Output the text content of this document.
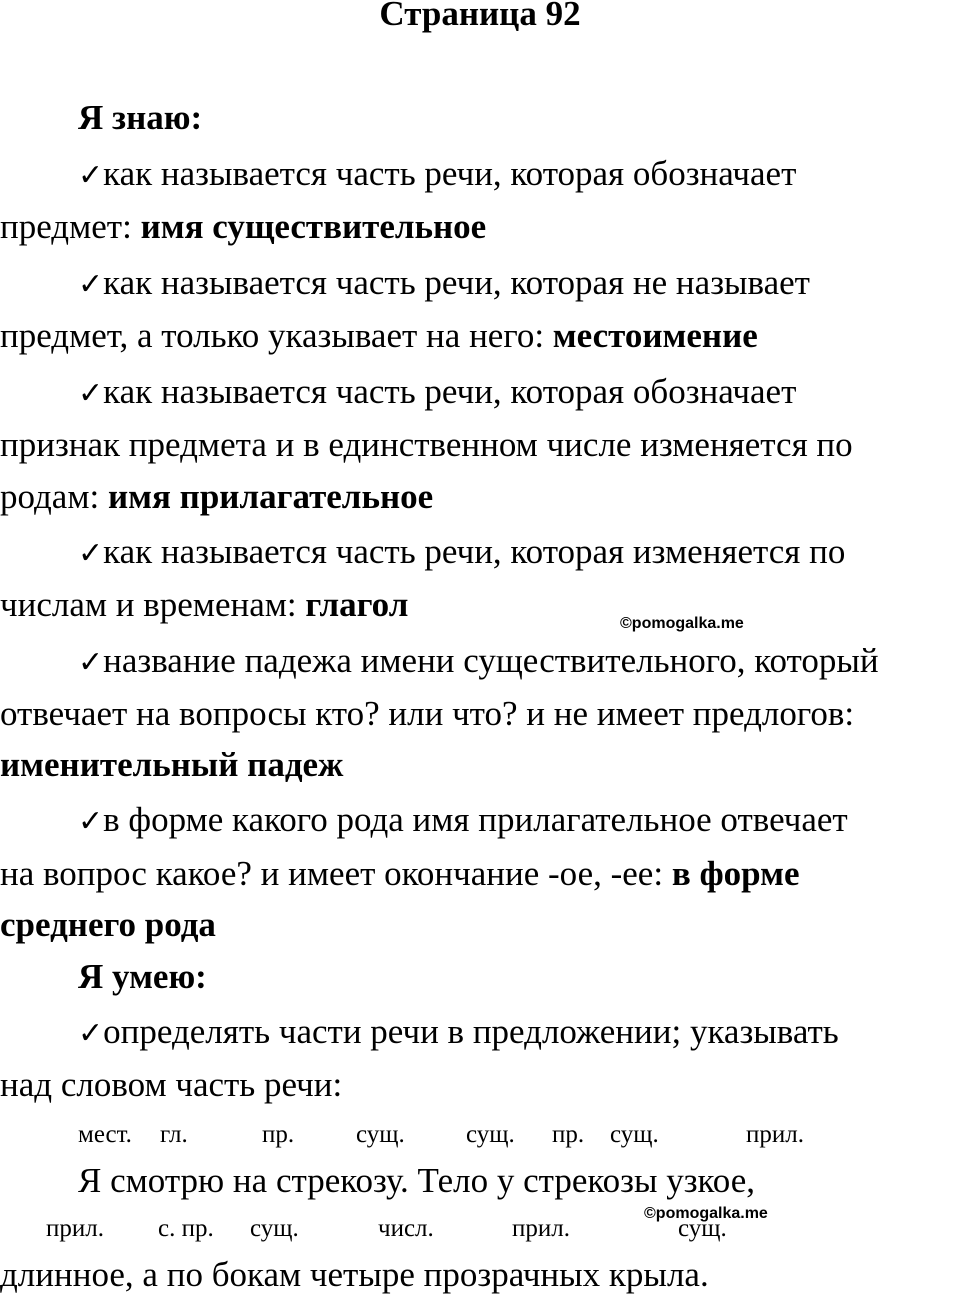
Страница 92
Я знаю:
✓как называется часть речи, которая обозначает
предмет: имя существительное
✓как называется часть речи, которая не называет
предмет, а только указывает на него: местоимение
✓как называется часть речи, которая обозначает
признак предмета и в единственном числе изменяется по
родам: имя прилагательное
✓как называется часть речи, которая изменяется по
числам и временам: глагол	©pomogalka.me
✓название падежа имени существительного, который
отвечает на вопросы кто? или что? и не имеет предлогов:
именительный падеж
✓в форме какого рода имя прилагательное отвечает
на вопрос какое? и имеет окончание -ое, -ее: в форме
среднего рода
Я умею:
✓определять части речи в предложении; указывать
над словом часть речи:
мест. гл.	пр. сущ. сущ. пр. сущ.	прил.
Я смотрю на стрекозу. Тело у стрекозы узкое,
©pomogalka.me
прил. с. пр. сущ.	числ.	прил.	сущ.
длинное, а по бокам четыре прозрачных крыла.
